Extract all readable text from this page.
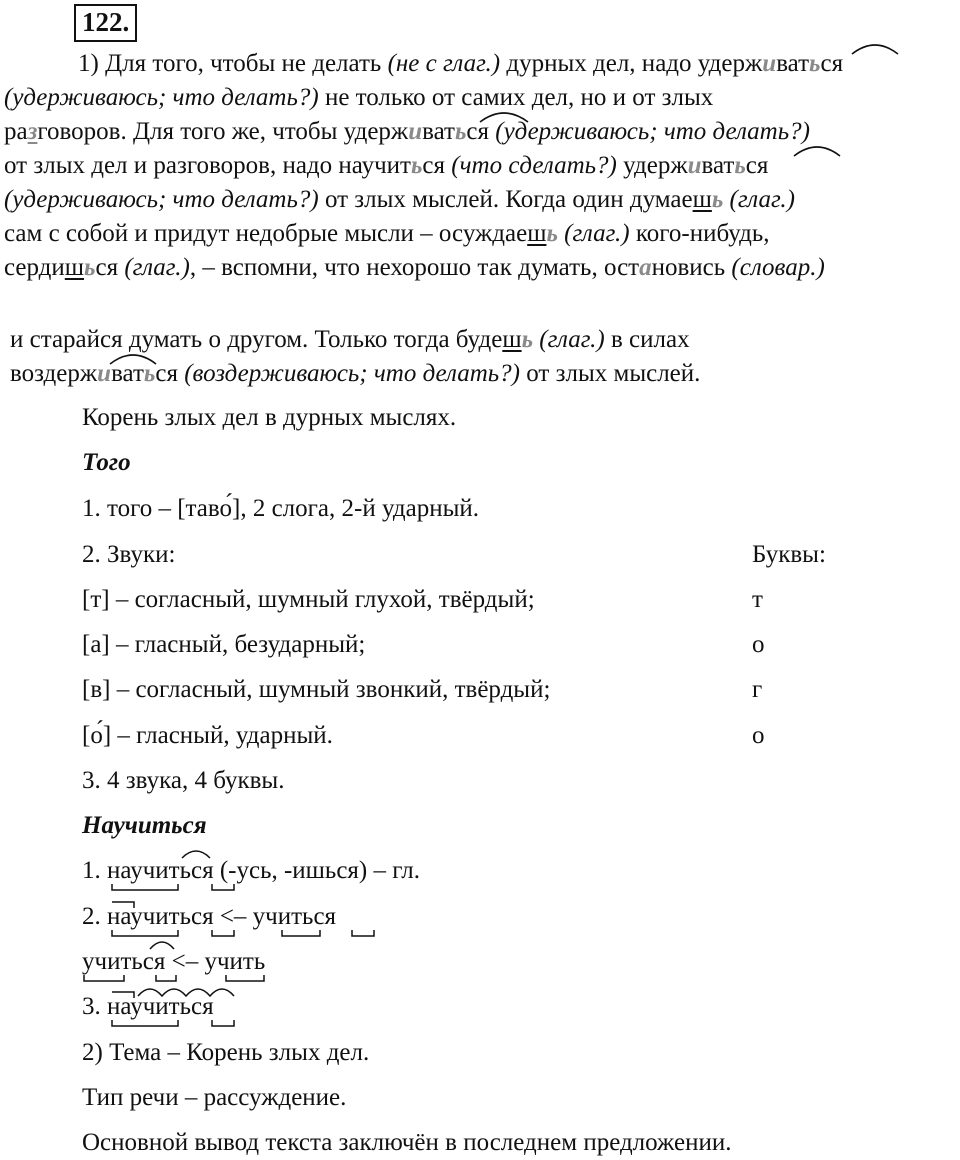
122.
1) Для того, чтобы не делать (не с глаг.) дурных дел, надо удерживаться
(удерживаюсь; что делать?) не только от самих дел, но и от злых
разговоров. Для того же, чтобы удерживаться (удерживаюсь; что делать?)
от злых дел и разговоров, надо научиться (что сделать?) удерживаться
(удерживаюсь; что делать?) от злых мыслей. Когда один думаешь (глаг.)
сам с собой и придут недобрые мысли – осуждаешь (глаг.) кого-нибудь,
сердишься (глаг.), – вспомни, что нехорошо так думать, остановись (словар.)
и старайся думать о другом. Только тогда будешь (глаг.) в силах
воздерживаться (воздерживаюсь; что делать?) от злых мыслей.
Корень злых дел в дурных мыслях.
Того
1. того – [таво́], 2 слога, 2-й ударный.
2. Звуки:	Буквы:
[т] – согласный, шумный глухой, твёрдый;	т
[а] – гласный, безударный;	о
[в] – согласный, шумный звонкий, твёрдый;	г
[о́] – гласный, ударный.	о
3. 4 звука, 4 буквы.
Научиться
1. научиться (-усь, -ишься) – гл.
2. научиться <– учиться
учиться <– учить
3. научиться
2) Тема – Корень злых дел.
Тип речи – рассуждение.
Основной вывод текста заключён в последнем предложении.
